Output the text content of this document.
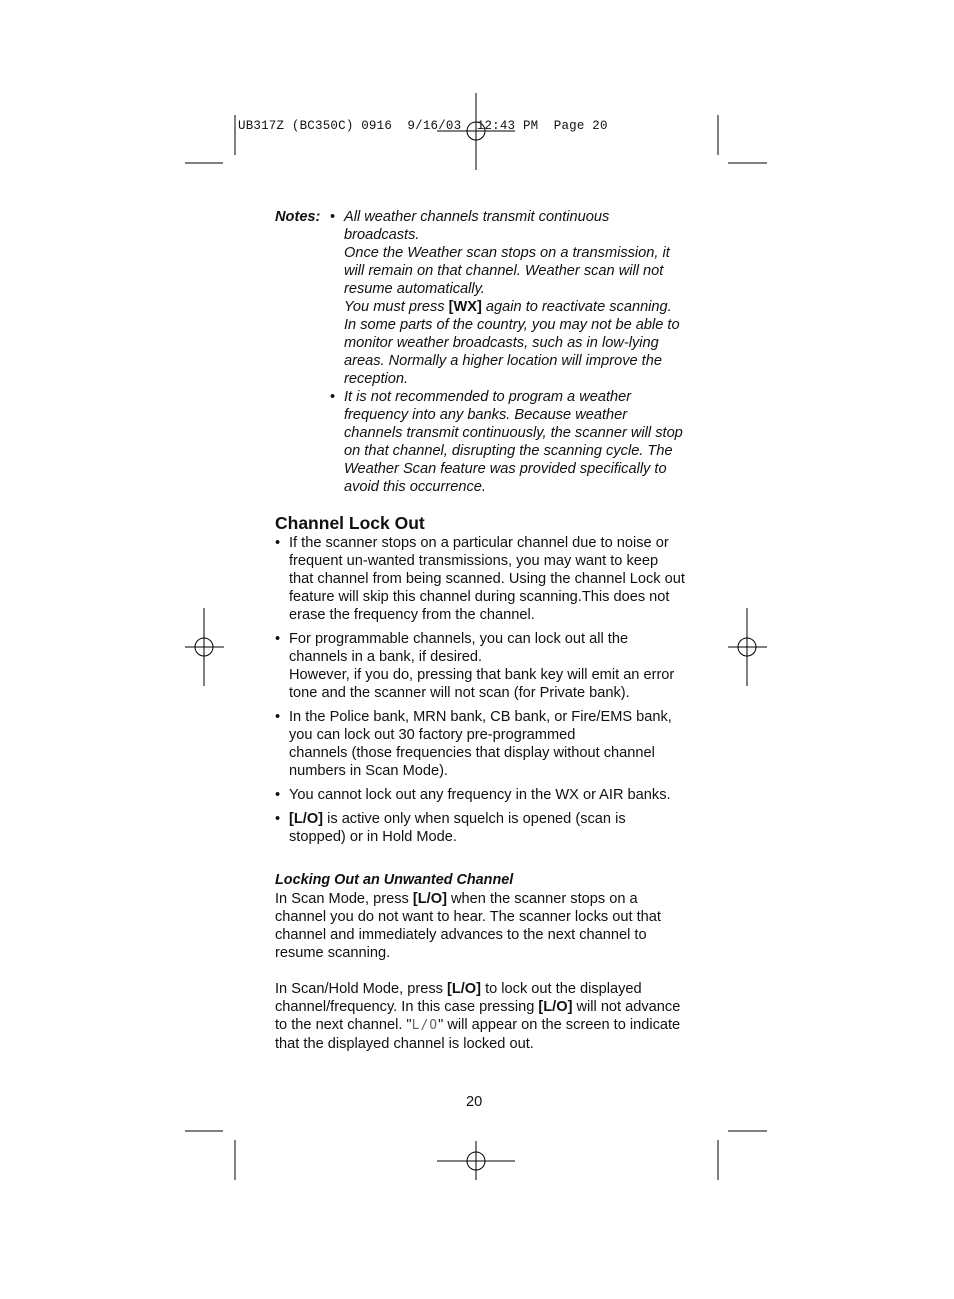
UB317Z (BC350C) 0916  9/16/03  12:43 PM  Page 20
Notes: • All weather channels transmit continuous broadcasts.

Once the Weather scan stops on a transmission, it will remain on that channel. Weather scan will not resume automatically.

You must press [WX] again to reactivate scanning.

In some parts of the country, you may not be able to monitor weather broadcasts, such as in low-lying areas. Normally a higher location will improve the reception.

• It is not recommended to program a weather frequency into any banks. Because weather channels transmit continuously, the scanner will stop on that channel, disrupting the scanning cycle. The Weather Scan feature was provided specifically to avoid this occurrence.

Channel Lock Out
• If the scanner stops on a particular channel due to noise or frequent un-wanted transmissions, you may want to keep that channel from being scanned. Using the channel Lock out feature will skip this channel during scanning.This does not erase the frequency from the channel.

• For programmable channels, you can lock out all the channels in a bank, if desired.

However, if you do, pressing that bank key will emit an error tone and the scanner will not scan (for Private bank).

• In the Police bank, MRN bank, CB bank, or Fire/EMS bank, you can lock out 30 factory pre-programmed

channels (those frequencies that display without channel numbers in Scan Mode).

• You cannot lock out any frequency in the WX or AIR banks.

• [L/O] is active only when squelch is opened (scan is stopped) or in Hold Mode.

Locking Out an Unwanted Channel

In Scan Mode, press [L/O] when the scanner stops on a channel you do not want to hear. The scanner locks out that channel and immediately advances to the next channel to resume scanning.

In Scan/Hold Mode, press [L/O] to lock out the displayed channel/frequency. In this case pressing [L/O] will not advance to the next channel. "L/O" will appear on the screen to indicate that the displayed channel is locked out.

20
